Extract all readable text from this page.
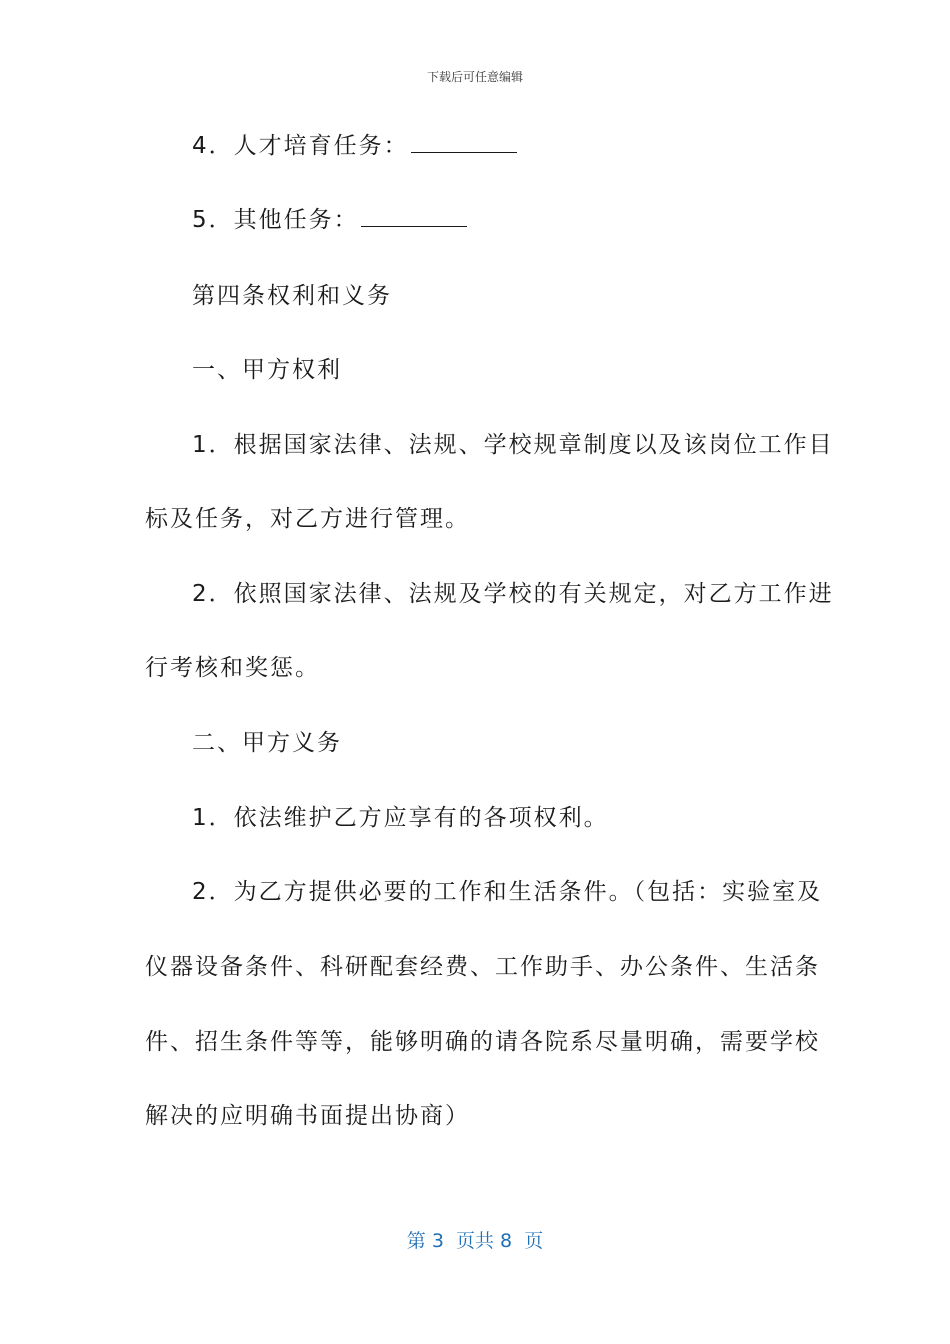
下载后可任意编辑
4．人才培育任务：
5．其他任务：
第四条权利和义务
一、甲方权利
1．根据国家法律、法规、学校规章制度以及该岗位工作目
标及任务，对乙方进行管理。
2．依照国家法律、法规及学校的有关规定，对乙方工作进
行考核和奖惩。
二、甲方义务
1．依法维护乙方应享有的各项权利。
2．为乙方提供必要的工作和生活条件。（包括：实验室及
仪器设备条件、科研配套经费、工作助手、办公条件、生活条
件、招生条件等等，能够明确的请各院系尽量明确，需要学校
解决的应明确书面提出协商）
第 3  页共 8  页
